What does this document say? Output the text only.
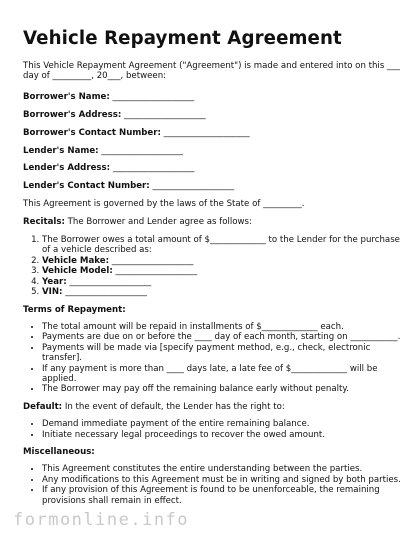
Vehicle Repayment Agreement

This Vehicle Repayment Agreement ("Agreement") is made and entered into on this ___ day of _________, 20___, between:

Borrower's Name: ___________________

Borrower's Address: ___________________

Borrower's Contact Number: ____________________

Lender's Name: ___________________

Lender's Address: ___________________

Lender's Contact Number: ___________________

This Agreement is governed by the laws of the State of _________.

Recitals: The Borrower and Lender agree as follows:

1. The Borrower owes a total amount of $_____________ to the Lender for the purchase of a vehicle described as:
2. Vehicle Make: ___________________
3. Vehicle Model: ___________________
4. Year: ___________________
5. VIN: ___________________

Terms of Repayment:

• The total amount will be repaid in installments of $_____________ each.
• Payments are due on or before the ____ day of each month, starting on ___________.
• Payments will be made via [specify payment method, e.g., check, electronic transfer].
• If any payment is more than ____ days late, a late fee of $_____________ will be applied.
• The Borrower may pay off the remaining balance early without penalty.

Default: In the event of default, the Lender has the right to:

• Demand immediate payment of the entire remaining balance.
• Initiate necessary legal proceedings to recover the owed amount.

Miscellaneous:

• This Agreement constitutes the entire understanding between the parties.
• Any modifications to this Agreement must be in writing and signed by both parties.
• If any provision of this Agreement is found to be unenforceable, the remaining provisions shall remain in effect.
formonline.info
